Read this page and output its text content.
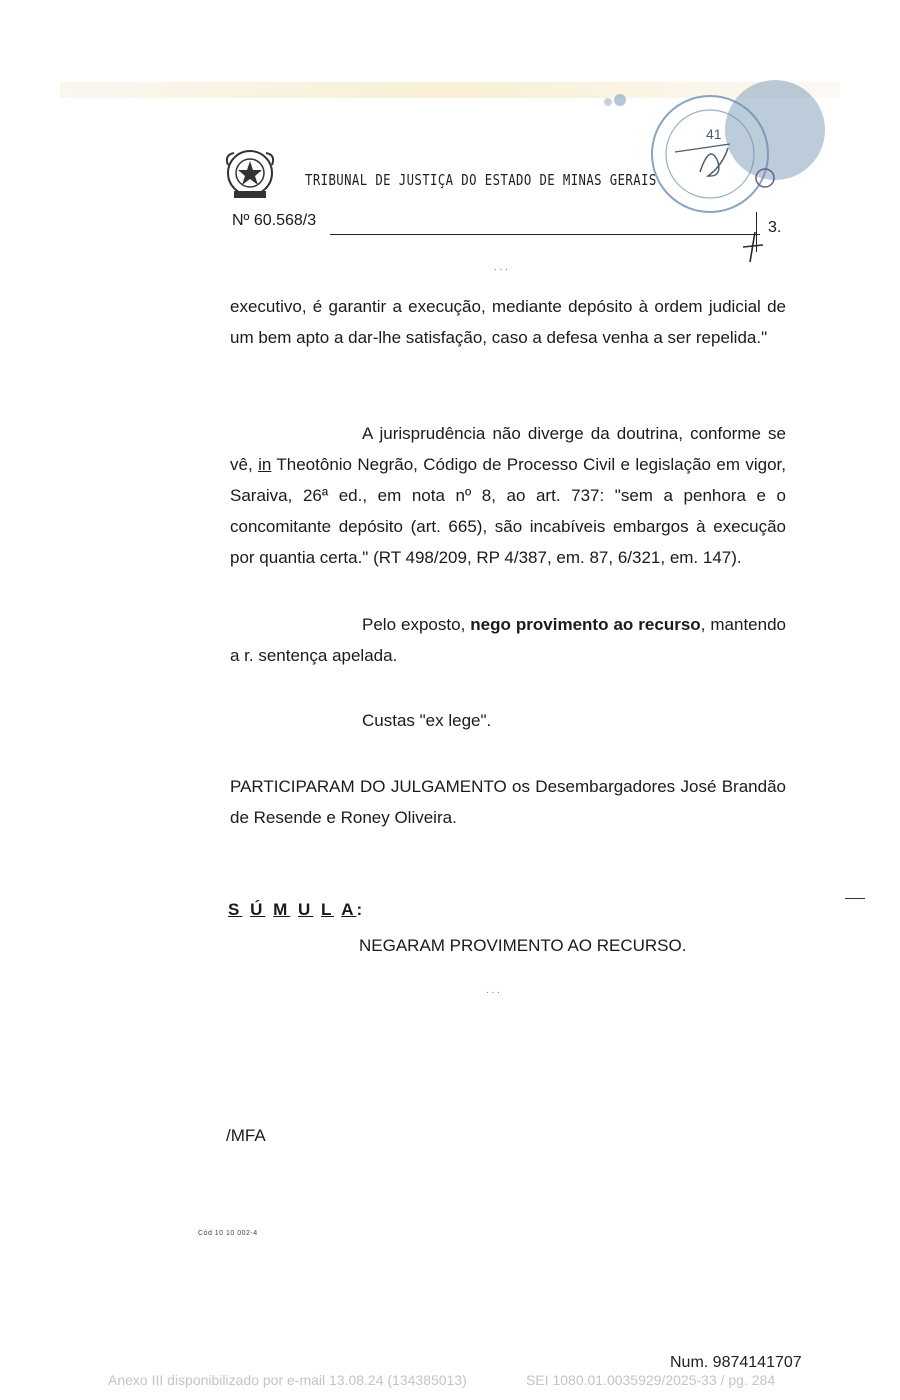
41
TRIBUNAL DE JUSTIÇA DO ESTADO DE MINAS GERAIS
Nº 60.568/3	3.
. . .
executivo, é garantir a execução, mediante depósito à ordem judicial de um bem apto a dar-lhe satisfação, caso a defesa venha a ser repelida."
A jurisprudência não diverge da doutrina, conforme se vê, in Theotônio Negrão, Código de Processo Civil e legislação em vigor, Saraiva, 26ª ed., em nota nº 8, ao art. 737: "sem a penhora e o concomitante depósito (art. 665), são incabíveis embargos à execução por quantia certa." (RT 498/209, RP 4/387, em. 87, 6/321, em. 147).
Pelo exposto, nego provimento ao recurso, mantendo a r. sentença apelada.
Custas "ex lege".
PARTICIPARAM DO JULGAMENTO os Desembargadores José Brandão de Resende e Roney Oliveira.
S Ú M U L A:
NEGARAM PROVIMENTO AO RECURSO.
. . .
/MFA
Cód 10 10 002-4
Num. 9874141707
Anexo III disponibilizado por e-mail 13.08.24 (134385013)	SEI 1080.01.0035929/2025-33 / pg. 284
